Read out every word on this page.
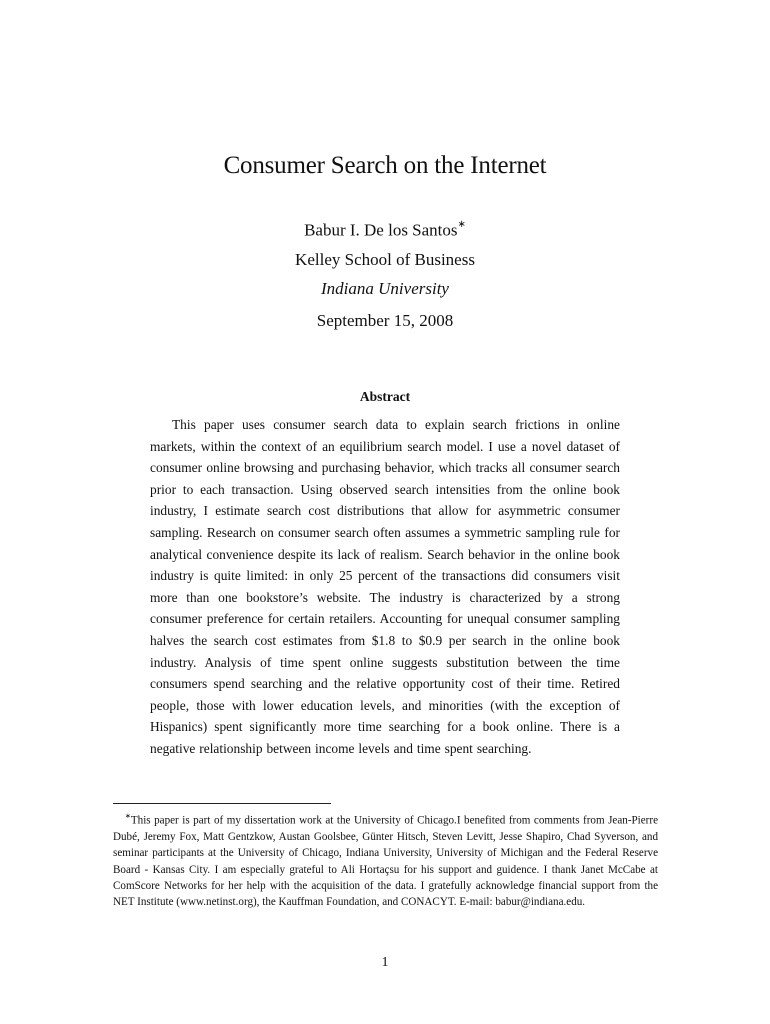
Consumer Search on the Internet
Babur I. De los Santos∗
Kelley School of Business
Indiana University
September 15, 2008
Abstract
This paper uses consumer search data to explain search frictions in online markets, within the context of an equilibrium search model. I use a novel dataset of consumer online browsing and purchasing behavior, which tracks all consumer search prior to each transaction. Using observed search intensities from the online book industry, I estimate search cost distributions that allow for asymmetric consumer sampling. Research on consumer search often assumes a symmetric sampling rule for analytical convenience despite its lack of realism. Search behavior in the online book industry is quite limited: in only 25 percent of the transactions did consumers visit more than one bookstore’s website. The industry is characterized by a strong consumer preference for certain retailers. Accounting for unequal consumer sampling halves the search cost estimates from $1.8 to $0.9 per search in the online book industry. Analysis of time spent online suggests substitution between the time consumers spend searching and the relative opportunity cost of their time. Retired people, those with lower education levels, and minorities (with the exception of Hispanics) spent significantly more time searching for a book online. There is a negative relationship between income levels and time spent searching.
∗This paper is part of my dissertation work at the University of Chicago.I benefited from comments from Jean-Pierre Dubé, Jeremy Fox, Matt Gentzkow, Austan Goolsbee, Günter Hitsch, Steven Levitt, Jesse Shapiro, Chad Syverson, and seminar participants at the University of Chicago, Indiana University, University of Michigan and the Federal Reserve Board - Kansas City. I am especially grateful to Ali Hortaçsu for his support and guidence. I thank Janet McCabe at ComScore Networks for her help with the acquisition of the data. I gratefully acknowledge financial support from the NET Institute (www.netinst.org), the Kauffman Foundation, and CONACYT. E-mail: babur@indiana.edu.
1
